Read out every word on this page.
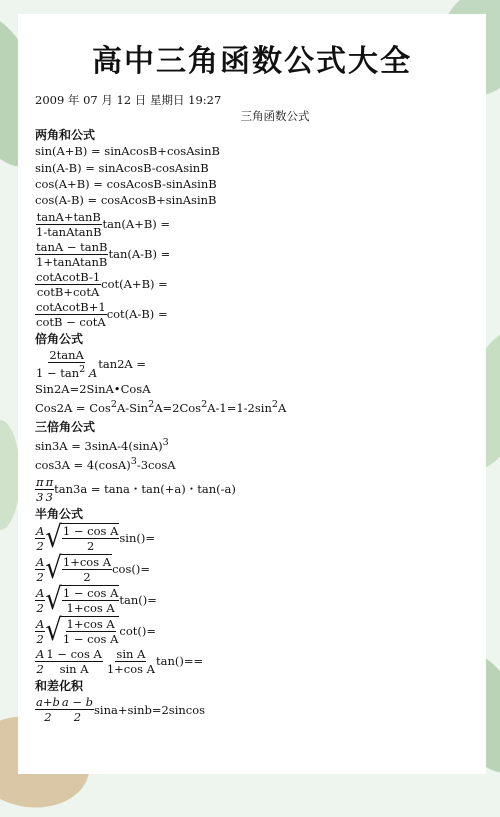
高中三角函数公式大全

2009 年 07 月 12 日 星期日 19:27

三角函数公式

两角和公式

sin(A+B) = sinAcosB+cosAsinB

sin(A-B) = sinAcosB-cosAsinB

cos(A+B) = cosAcosB-sinAsinB

cos(A-B) = cosAcosB+sinAsinB

$\frac{\tan A+\tan B}{\text{1-tanAtanB}} \tan(A+B)$ =
$\frac{\tan A - \tan B}{\text{1+tanAtanB}} \tan(A-B)$ =
$\frac{\text{cotAcotB-1}}{\cot B+\cot A} \cot(A+B)$ =
$\frac{\text{cotAcotB+1}}{\cot B - \cot A} \cot(A-B)$ =

倍角公式

$\frac{2\tan A}{1 - \tan^2 A} \tan 2A$ =

Sin2A=2SinA•CosA

$Cos2A = Cos^2A-Sin^2A=2Cos^2A-1=1-2\sin^2A$

三倍角公式

$\sin 3A = 3\sin A-4(\sin A)^3$

$\cos 3A = 4(\cos A)^3-3\cos A$

$\frac{\pi}{3} \frac{\pi}{3} \tan 3a = \tan a$・tan(+a)・tan(-a)

半角公式

$\frac{A}{2}$ √ $\frac{\text{1 − cos A}}{2} \sin()=$
$\frac{A}{2}$ √ $\frac{\text{1+cos A}}{2} \cos()=$
$\frac{A}{2}$ √ $\frac{\text{1 − cos A}}{\text{1+cos A}} \tan()=$
$\frac{A}{2}$ √ $\frac{\text{1+cos A}}{\text{1 − cos A}} \cot()=$
$\frac{A}{2} \frac{\text{1 − cos A}}{\text{sin A}} \frac{\text{sin A}}{\text{1+cos A}} \tan()==$

和差化积

$\frac{a+b}{2} \frac{a - b}{2} \sin a+\sin b=2sincos$
